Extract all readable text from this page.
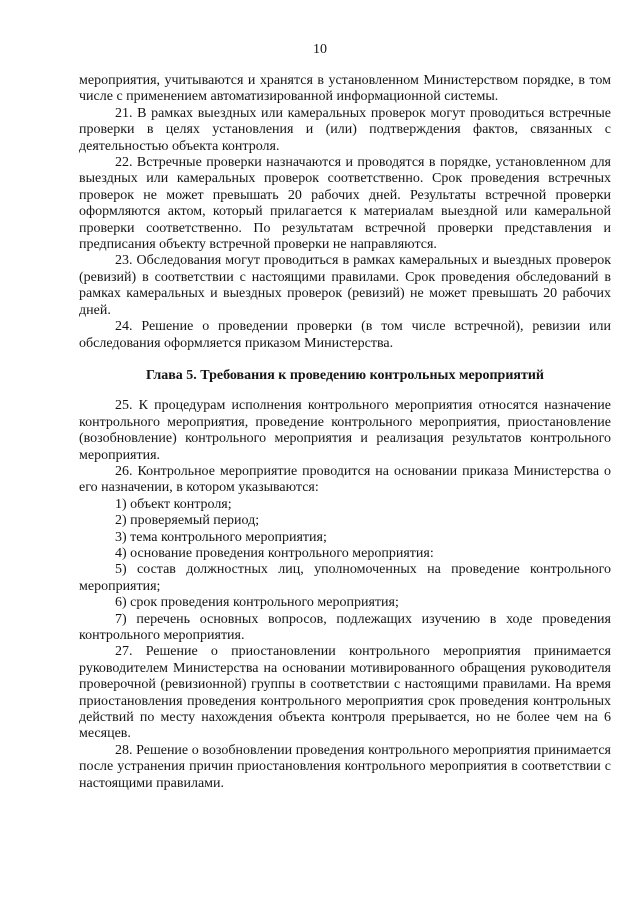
10

мероприятия, учитываются и хранятся в установленном Министерством порядке, в том числе с применением автоматизированной информационной системы.

21. В рамках выездных или камеральных проверок могут проводиться встречные проверки в целях установления и (или) подтверждения фактов, связанных с деятельностью объекта контроля.

22. Встречные проверки назначаются и проводятся в порядке, установленном для выездных или камеральных проверок соответственно. Срок проведения встречных проверок не может превышать 20 рабочих дней. Результаты встречной проверки оформляются актом, который прилагается к материалам выездной или камеральной проверки соответственно. По результатам встречной проверки представления и предписания объекту встречной проверки не направляются.

23. Обследования могут проводиться в рамках камеральных и выездных проверок (ревизий) в соответствии с настоящими правилами. Срок проведения обследований в рамках камеральных и выездных проверок (ревизий) не может превышать 20 рабочих дней.

24. Решение о проведении проверки (в том числе встречной), ревизии или обследования оформляется приказом Министерства.

Глава 5. Требования к проведению контрольных мероприятий

25. К процедурам исполнения контрольного мероприятия относятся назначение контрольного мероприятия, проведение контрольного мероприятия, приостановление (возобновление) контрольного мероприятия и реализация результатов контрольного мероприятия.

26. Контрольное мероприятие проводится на основании приказа Министерства о его назначении, в котором указываются:

1) объект контроля;

2) проверяемый период;

3) тема контрольного мероприятия;

4) основание проведения контрольного мероприятия:

5) состав должностных лиц, уполномоченных на проведение контрольного мероприятия;

6) срок проведения контрольного мероприятия;

7) перечень основных вопросов, подлежащих изучению в ходе проведения контрольного мероприятия.

27. Решение о приостановлении контрольного мероприятия принимается руководителем Министерства на основании мотивированного обращения руководителя проверочной (ревизионной) группы в соответствии с настоящими правилами. На время приостановления проведения контрольного мероприятия срок проведения контрольных действий по месту нахождения объекта контроля прерывается, но не более чем на 6 месяцев.

28. Решение о возобновлении проведения контрольного мероприятия принимается после устранения причин приостановления контрольного мероприятия в соответствии с настоящими правилами.
